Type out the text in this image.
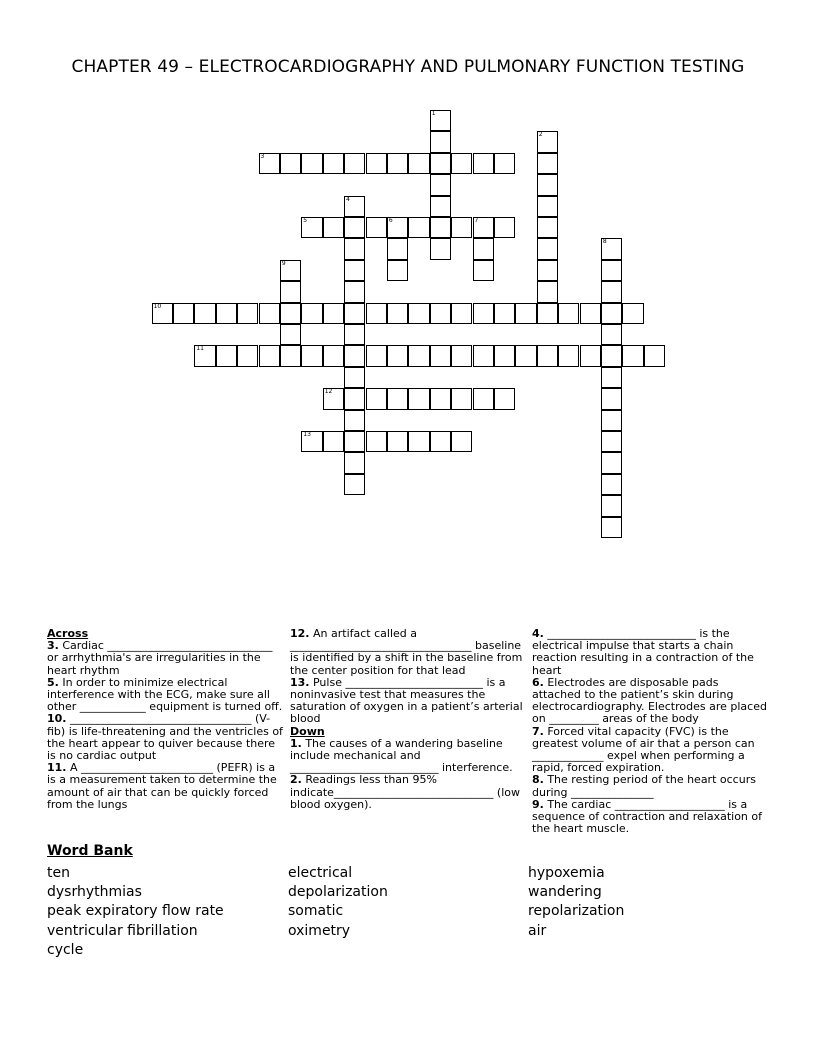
CHAPTER 49 – ELECTROCARDIOGRAPHY AND PULMONARY FUNCTION TESTING
1
2
3
4
5	6	7
8
9
10
11
12
13

Across

3. Cardiac ______________________________ or arrhythmia's are irregularities in the heart rhythm

5. In order to minimize electrical interference with the ECG, make sure all other ____________ equipment is turned off.

10. _________________________________ (V-fib) is life-threatening and the ventricles of the heart appear to quiver because there is no cardiac output

11. A ________________________ (PEFR) is a is a measurement taken to determine the amount of air that can be quickly forced from the lungs

12. An artifact called a _________________________________ baseline is identified by a shift in the baseline from the center position for that lead

13. Pulse _________________________ is a noninvasive test that measures the saturation of oxygen in a patient’s arterial blood

Down

1. The causes of a wandering baseline include mechanical and ___________________________ interference.

2. Readings less than 95% indicate_____________________________ (low blood oxygen).

4. ___________________________ is the electrical impulse that starts a chain reaction resulting in a contraction of the heart

6. Electrodes are disposable pads attached to the patient’s skin during electrocardiography. Electrodes are placed on _________ areas of the body

7. Forced vital capacity (FVC) is the greatest volume of air that a person can _____________ expel when performing a rapid, forced expiration.

8. The resting period of the heart occurs during _______________

9. The cardiac ____________________ is a sequence of contraction and relaxation of the heart muscle.

Word Bank
ten
dysrhythmias
peak expiratory flow rate
ventricular fibrillation
cycle
electrical
depolarization
somatic
oximetry
hypoxemia
wandering
repolarization
air
